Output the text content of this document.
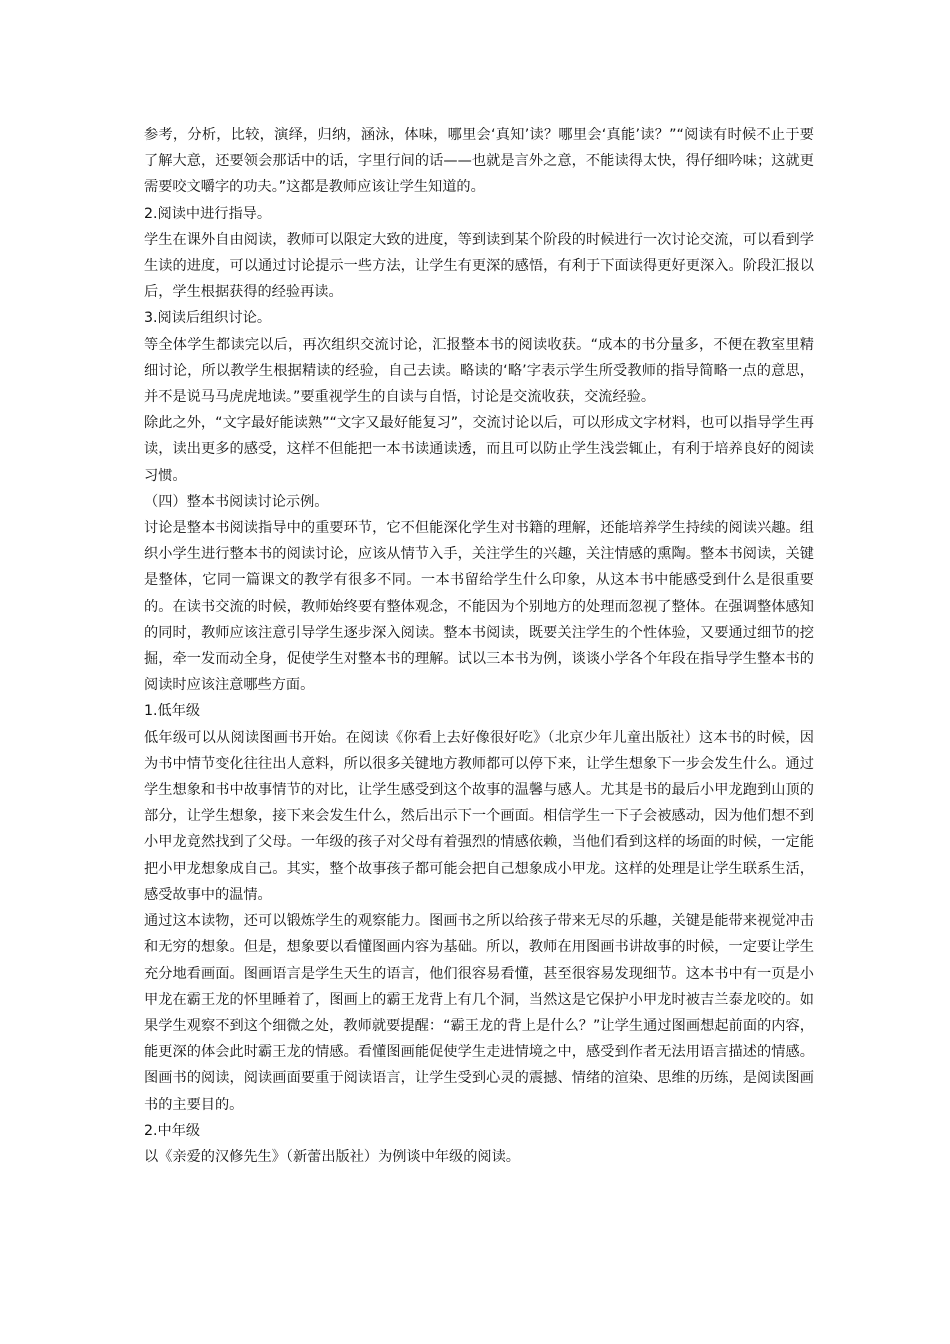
参考，分析，比较，演绎，归纳，涵泳，体味，哪里会‘真知’读？哪里会‘真能’读？”“阅读有时候不止于要了解大意，还要领会那话中的话，字里行间的话——也就是言外之意，不能读得太快，得仔细吟味；这就更需要咬文嚼字的功夫。”这都是教师应该让学生知道的。

2.阅读中进行指导。

学生在课外自由阅读，教师可以限定大致的进度，等到读到某个阶段的时候进行一次讨论交流，可以看到学生读的进度，可以通过讨论提示一些方法，让学生有更深的感悟，有利于下面读得更好更深入。阶段汇报以后，学生根据获得的经验再读。

3.阅读后组织讨论。

等全体学生都读完以后，再次组织交流讨论，汇报整本书的阅读收获。“成本的书分量多，不便在教室里精细讨论，所以教学生根据精读的经验，自己去读。略读的‘略’字表示学生所受教师的指导简略一点的意思，并不是说马马虎虎地读。”要重视学生的自读与自悟，讨论是交流收获，交流经验。

除此之外，“文字最好能读熟”“文字又最好能复习”，交流讨论以后，可以形成文字材料，也可以指导学生再读，读出更多的感受，这样不但能把一本书读通读透，而且可以防止学生浅尝辄止，有利于培养良好的阅读习惯。

（四）整本书阅读讨论示例。

讨论是整本书阅读指导中的重要环节，它不但能深化学生对书籍的理解，还能培养学生持续的阅读兴趣。组织小学生进行整本书的阅读讨论，应该从情节入手，关注学生的兴趣，关注情感的熏陶。整本书阅读，关键是整体，它同一篇课文的教学有很多不同。一本书留给学生什么印象，从这本书中能感受到什么是很重要的。在读书交流的时候，教师始终要有整体观念，不能因为个别地方的处理而忽视了整体。在强调整体感知的同时，教师应该注意引导学生逐步深入阅读。整本书阅读，既要关注学生的个性体验，又要通过细节的挖掘，牵一发而动全身，促使学生对整本书的理解。试以三本书为例，谈谈小学各个年段在指导学生整本书的阅读时应该注意哪些方面。

1.低年级

低年级可以从阅读图画书开始。在阅读《你看上去好像很好吃》（北京少年儿童出版社）这本书的时候，因为书中情节变化往往出人意料，所以很多关键地方教师都可以停下来，让学生想象下一步会发生什么。通过学生想象和书中故事情节的对比，让学生感受到这个故事的温馨与感人。尤其是书的最后小甲龙跑到山顶的部分，让学生想象，接下来会发生什么，然后出示下一个画面。相信学生一下子会被感动，因为他们想不到小甲龙竟然找到了父母。一年级的孩子对父母有着强烈的情感依赖，当他们看到这样的场面的时候，一定能把小甲龙想象成自己。其实，整个故事孩子都可能会把自己想象成小甲龙。这样的处理是让学生联系生活，感受故事中的温情。

通过这本读物，还可以锻炼学生的观察能力。图画书之所以给孩子带来无尽的乐趣，关键是能带来视觉冲击和无穷的想象。但是，想象要以看懂图画内容为基础。所以，教师在用图画书讲故事的时候，一定要让学生充分地看画面。图画语言是学生天生的语言，他们很容易看懂，甚至很容易发现细节。这本书中有一页是小甲龙在霸王龙的怀里睡着了，图画上的霸王龙背上有几个洞，当然这是它保护小甲龙时被吉兰泰龙咬的。如果学生观察不到这个细微之处，教师就要提醒：“霸王龙的背上是什么？”让学生通过图画想起前面的内容，能更深的体会此时霸王龙的情感。看懂图画能促使学生走进情境之中，感受到作者无法用语言描述的情感。图画书的阅读，阅读画面要重于阅读语言，让学生受到心灵的震撼、情绪的渲染、思维的历练，是阅读图画书的主要目的。

2.中年级

以《亲爱的汉修先生》（新蕾出版社）为例谈中年级的阅读。
